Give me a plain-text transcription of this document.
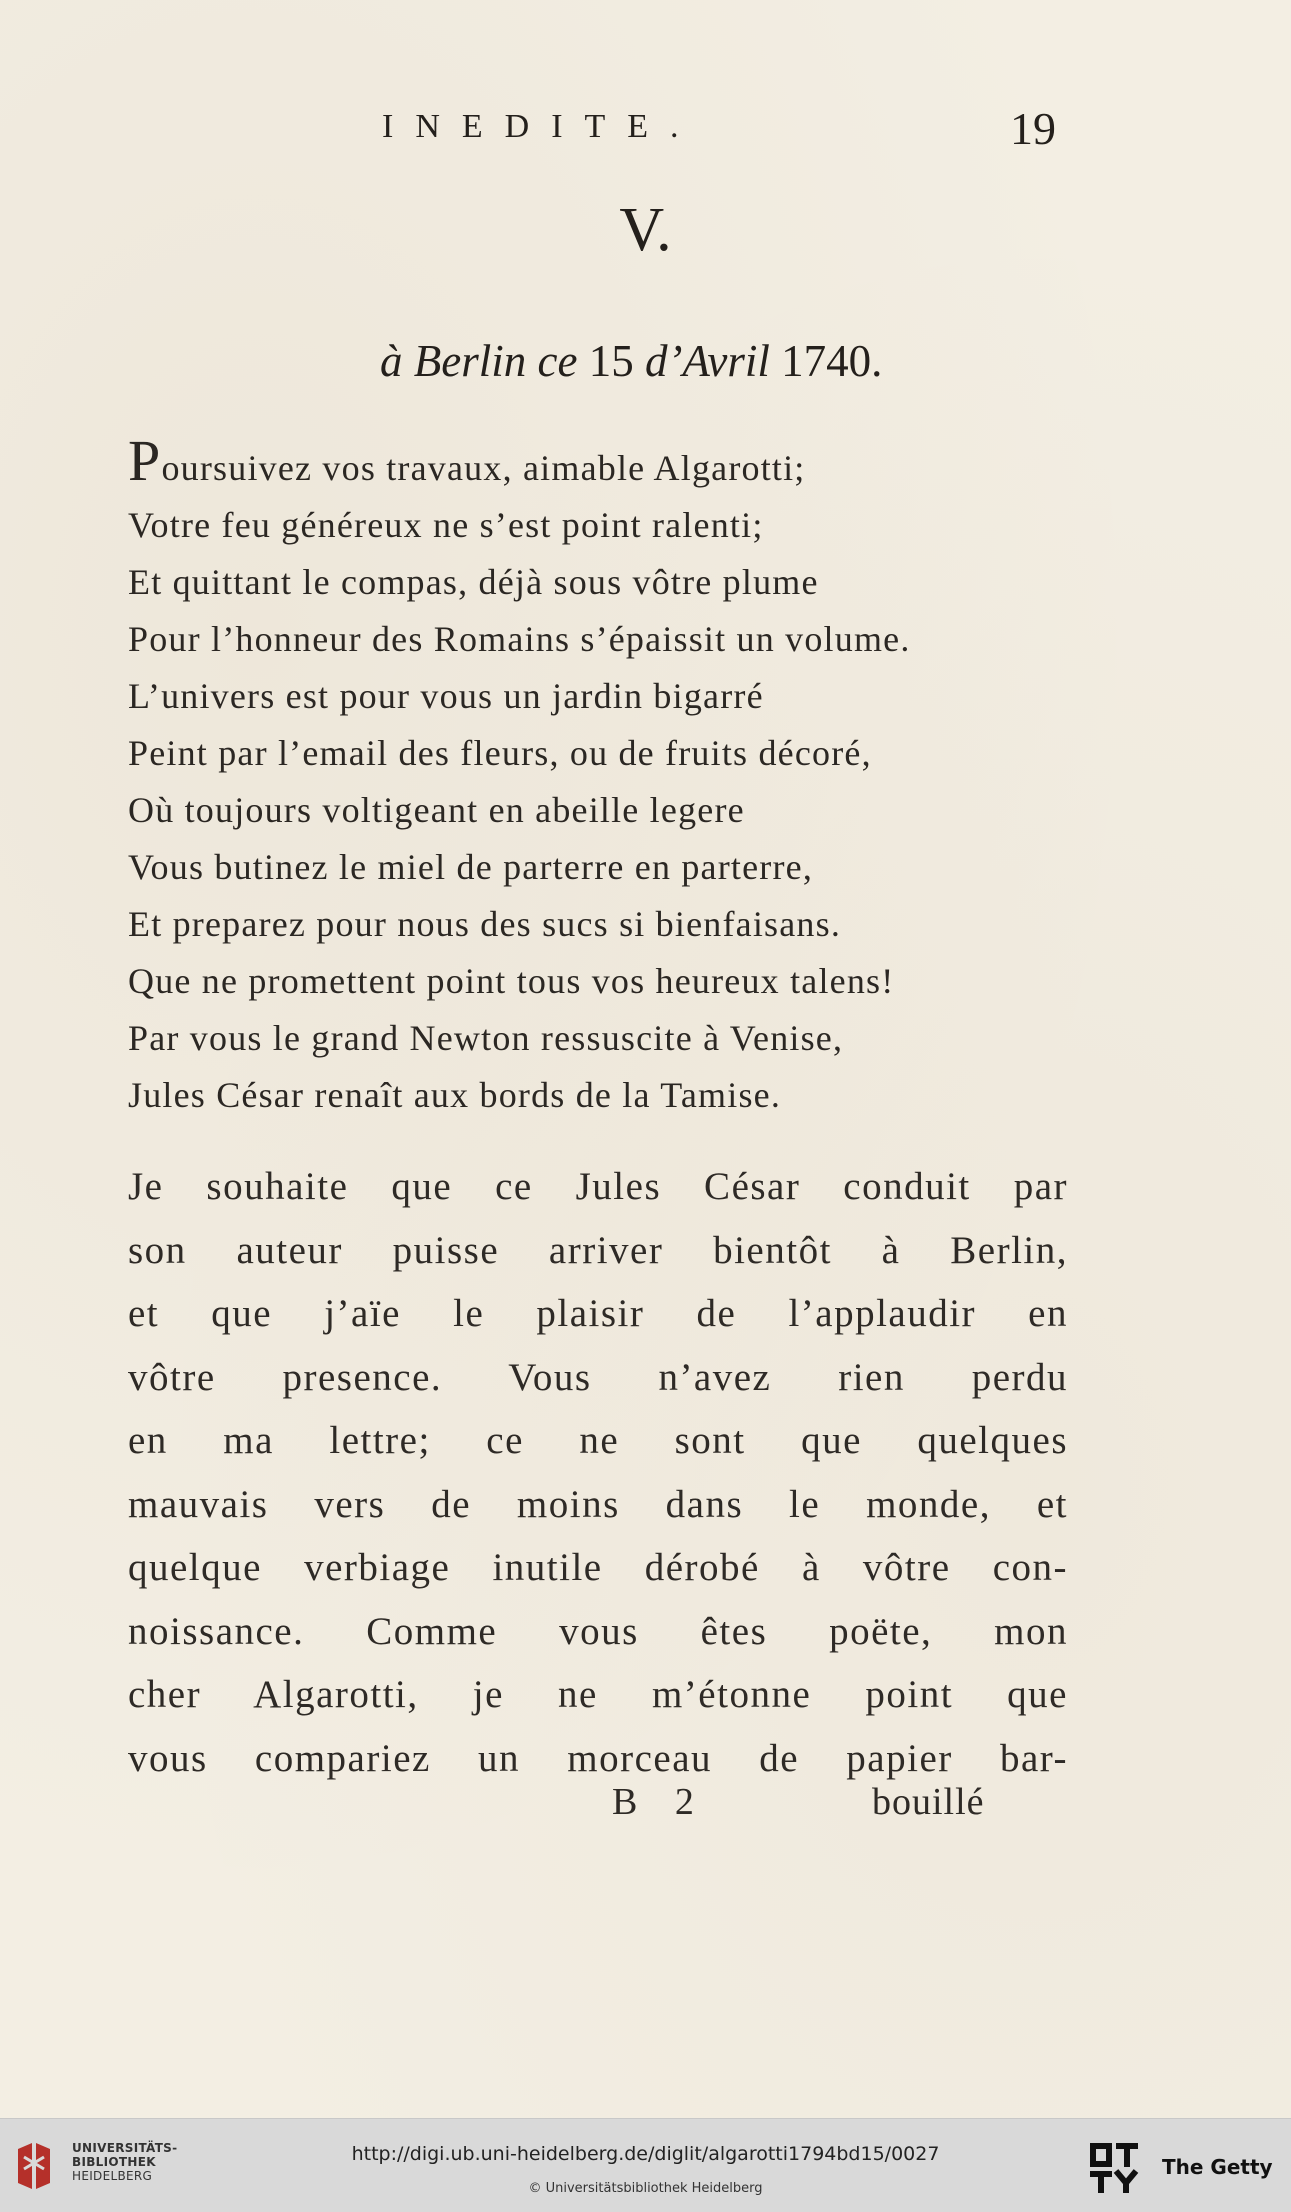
INEDITE.	19
V.
à Berlin ce 15 d’Avril 1740.
Poursuivez vos travaux, aimable Algarotti;
Votre feu généreux ne s’est point ralenti;
Et quittant le compas, déjà sous vôtre plume
Pour l’honneur des Romains s’épaissit un volume.
L’univers est pour vous un jardin bigarré
Peint par l’email des fleurs, ou de fruits décoré,
Où toujours voltigeant en abeille legere
Vous butinez le miel de parterre en parterre,
Et preparez pour nous des sucs si bienfaisans.
Que ne promettent point tous vos heureux talens!
Par vous le grand Newton ressuscite à Venise,
Jules César renaît aux bords de la Tamise.
Je souhaite que ce Jules César conduit par
son auteur puisse arriver bientôt à Berlin,
et que j’aïe le plaisir de l’applaudir en
vôtre presence. Vous n’avez rien perdu
en ma lettre; ce ne sont que quelques
mauvais vers de moins dans le monde, et
quelque verbiage inutile dérobé à vôtre con-
noissance. Comme vous êtes poëte, mon
cher Algarotti, je ne m’étonne point que
vous compariez un morceau de papier bar-
B 2	bouillé
UNIVERSITÄTS-
BIBLIOTHEK
HEIDELBERG
http://digi.ub.uni-heidelberg.de/diglit/algarotti1794bd15/0027
© Universitätsbibliothek Heidelberg
The Getty
